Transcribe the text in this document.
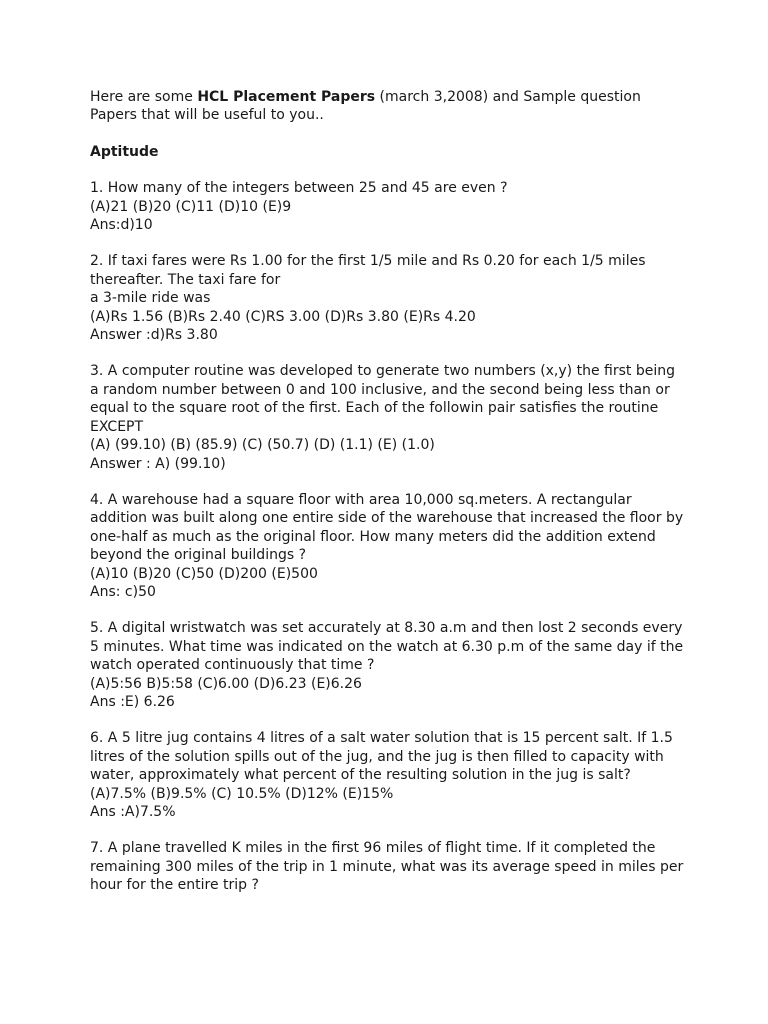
Here are some HCL Placement Papers (march 3,2008) and Sample question
Papers that will be useful to you..
Aptitude
1. How many of the integers between 25 and 45 are even ?
(A)21 (B)20 (C)11 (D)10 (E)9
Ans:d)10
2. If taxi fares were Rs 1.00 for the first 1/5 mile and Rs 0.20 for each 1/5 miles
thereafter. The taxi fare for
a 3-mile ride was
(A)Rs 1.56 (B)Rs 2.40 (C)RS 3.00 (D)Rs 3.80 (E)Rs 4.20
Answer :d)Rs 3.80
3. A computer routine was developed to generate two numbers (x,y) the first being
a random number between 0 and 100 inclusive, and the second being less than or
equal to the square root of the first. Each of the followin pair satisfies the routine
EXCEPT
(A) (99.10) (B) (85.9) (C) (50.7) (D) (1.1) (E) (1.0)
Answer : A) (99.10)
4. A warehouse had a square floor with area 10,000 sq.meters. A rectangular
addition was built along one entire side of the warehouse that increased the floor by
one-half as much as the original floor. How many meters did the addition extend
beyond the original buildings ?
(A)10 (B)20 (C)50 (D)200 (E)500
Ans: c)50
5. A digital wristwatch was set accurately at 8.30 a.m and then lost 2 seconds every
5 minutes. What time was indicated on the watch at 6.30 p.m of the same day if the
watch operated continuously that time ?
(A)5:56 B)5:58 (C)6.00 (D)6.23 (E)6.26
Ans :E) 6.26
6. A 5 litre jug contains 4 litres of a salt water solution that is 15 percent salt. If 1.5
litres of the solution spills out of the jug, and the jug is then filled to capacity with
water, approximately what percent of the resulting solution in the jug is salt?
(A)7.5% (B)9.5% (C) 10.5% (D)12% (E)15%
Ans :A)7.5%
7. A plane travelled K miles in the first 96 miles of flight time. If it completed the
remaining 300 miles of the trip in 1 minute, what was its average speed in miles per
hour for the entire trip ?
